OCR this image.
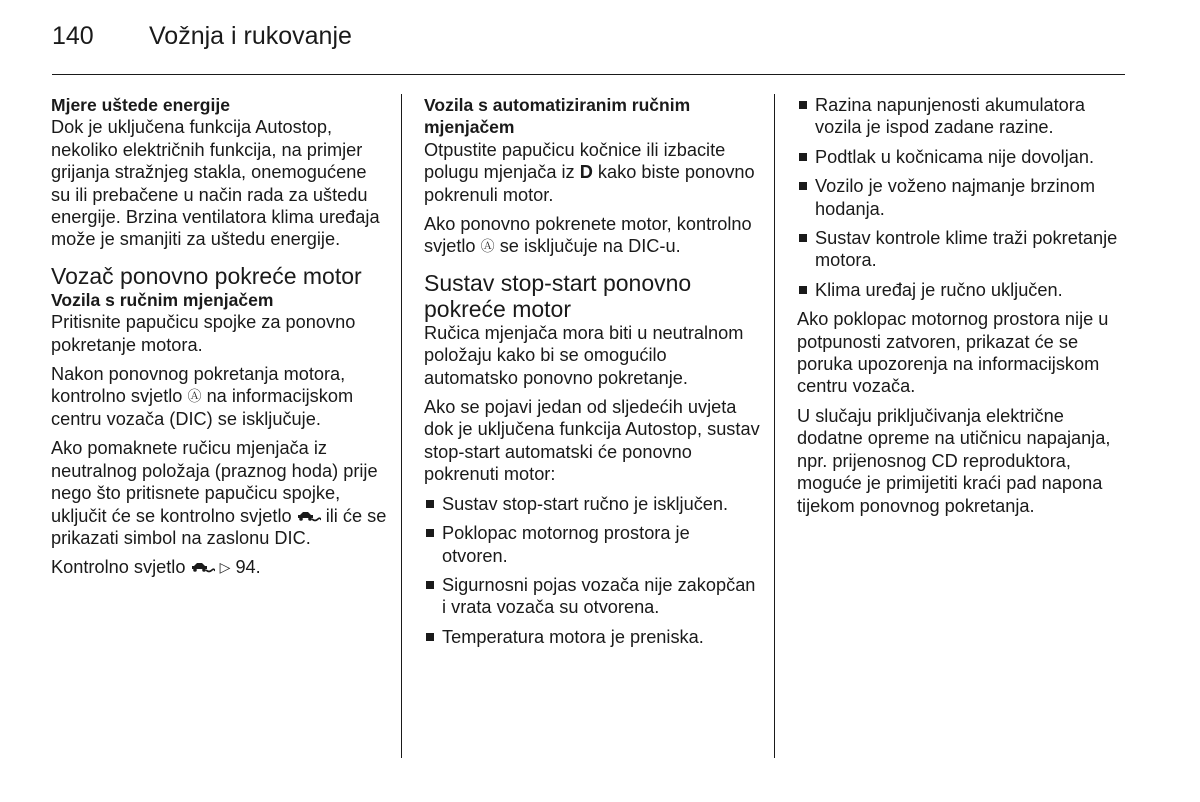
140 Vožnja i rukovanje
Mjere uštede energije

Dok je uključena funkcija Autostop, nekoliko električnih funkcija, na primjer grijanja stražnjeg stakla, onemogućene su ili prebačene u način rada za uštedu energije. Brzina ventilatora klima uređaja može je smanjiti za uštedu energije.

Vozač ponovno pokreće motor
Vozila s ručnim mjenjačem

Pritisnite papučicu spojke za ponovno pokretanje motora.

Nakon ponovnog pokretanja motora, kontrolno svjetlo Ⓐ na informacijskom centru vozača (DIC) se isključuje.

Ako pomaknete ručicu mjenjača iz neutralnog položaja (praznog hoda) prije nego što pritisnete papučicu spojke, uključit će se kontrolno svjetlo ili će se prikazati simbol na zaslonu DIC.

Kontrolno svjetlo ▷ 94.

Vozila s automatiziranim ručnim mjenjačem

Otpustite papučicu kočnice ili izbacite polugu mjenjača iz D kako biste ponovno pokrenuli motor.

Ako ponovno pokrenete motor, kontrolno svjetlo Ⓐ se isključuje na DIC-u.

Sustav stop-start ponovno pokreće motor

Ručica mjenjača mora biti u neutralnom položaju kako bi se omogućilo automatsko ponovno pokretanje.

Ako se pojavi jedan od sljedećih uvjeta dok je uključena funkcija Autostop, sustav stop-start automatski će ponovno pokrenuti motor:

Sustav stop-start ručno je isključen.
Poklopac motornog prostora je otvoren.
Sigurnosni pojas vozača nije zakopčan i vrata vozača su otvorena.
Temperatura motora je preniska.
Razina napunjenosti akumulatora vozila je ispod zadane razine.
Podtlak u kočnicama nije dovoljan.
Vozilo je voženo najmanje brzinom hodanja.
Sustav kontrole klime traži pokretanje motora.
Klima uređaj je ručno uključen.

Ako poklopac motornog prostora nije u potpunosti zatvoren, prikazat će se poruka upozorenja na informacijskom centru vozača.

U slučaju priključivanja električne dodatne opreme na utičnicu napajanja, npr. prijenosnog CD reproduktora, moguće je primijetiti kraći pad napona tijekom ponovnog pokretanja.
